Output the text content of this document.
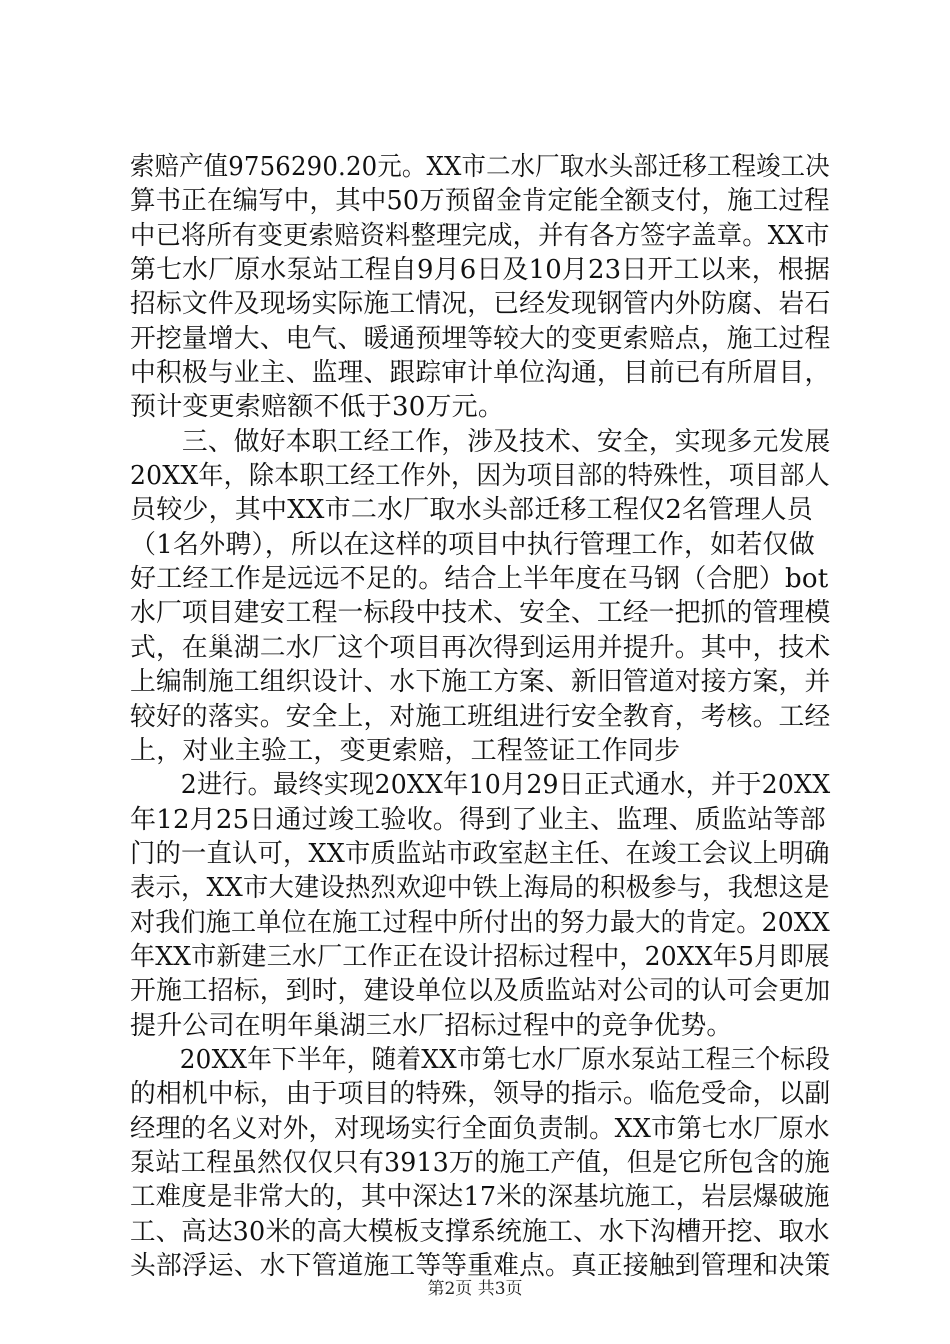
索赔产值9756290.20元。XX市二水厂取水头部迁移工程竣工决
算书正在编写中，其中50万预留金肯定能全额支付，施工过程
中已将所有变更索赔资料整理完成，并有各方签字盖章。XX市
第七水厂原水泵站工程自9月6日及10月23日开工以来，根据
招标文件及现场实际施工情况，已经发现钢管内外防腐、岩石
开挖量增大、电气、暖通预埋等较大的变更索赔点，施工过程
中积极与业主、监理、跟踪审计单位沟通，目前已有所眉目，
预计变更索赔额不低于30万元。
　　三、做好本职工经工作，涉及技术、安全，实现多元发展
20XX年，除本职工经工作外，因为项目部的特殊性，项目部人
员较少，其中XX市二水厂取水头部迁移工程仅2名管理人员
（1名外聘），所以在这样的项目中执行管理工作，如若仅做
好工经工作是远远不足的。结合上半年度在马钢（合肥）bot
水厂项目建安工程一标段中技术、安全、工经一把抓的管理模
式，在巢湖二水厂这个项目再次得到运用并提升。其中，技术
上编制施工组织设计、水下施工方案、新旧管道对接方案，并
较好的落实。安全上，对施工班组进行安全教育，考核。工经
上，对业主验工，变更索赔，工程签证工作同步
　　2进行。最终实现20XX年10月29日正式通水，并于20XX
年12月25日通过竣工验收。得到了业主、监理、质监站等部
门的一直认可，XX市质监站市政室赵主任、在竣工会议上明确
表示，XX市大建设热烈欢迎中铁上海局的积极参与，我想这是
对我们施工单位在施工过程中所付出的努力最大的肯定。20XX
年XX市新建三水厂工作正在设计招标过程中，20XX年5月即展
开施工招标，到时，建设单位以及质监站对公司的认可会更加
提升公司在明年巢湖三水厂招标过程中的竞争优势。
　　20XX年下半年，随着XX市第七水厂原水泵站工程三个标段
的相机中标，由于项目的特殊，领导的指示。临危受命，以副
经理的名义对外，对现场实行全面负责制。XX市第七水厂原水
泵站工程虽然仅仅只有3913万的施工产值，但是它所包含的施
工难度是非常大的，其中深达17米的深基坑施工，岩层爆破施
工、高达30米的高大模板支撑系统施工、水下沟槽开挖、取水
头部浮运、水下管道施工等等重难点。真正接触到管理和决策
第2页 共3页
